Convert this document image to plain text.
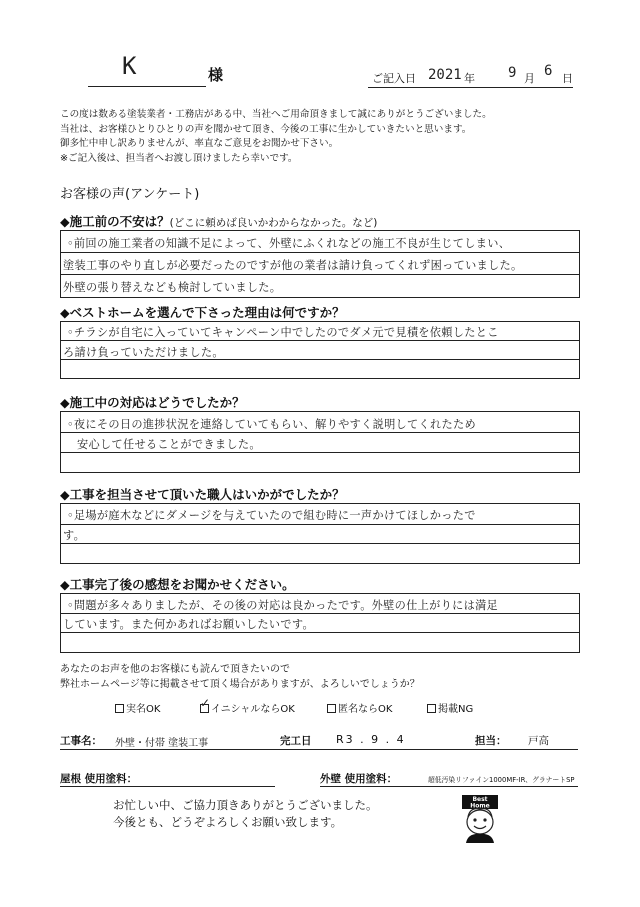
K	様	ご記入日 2021 年 9 月 6 日
この度は数ある塗装業者・工務店がある中、当社へご用命頂きまして誠にありがとうございました。
当社は、お客様ひとりひとりの声を聞かせて頂き、今後の工事に生かしていきたいと思います。
御多忙中申し訳ありませんが、率直なご意見をお聞かせ下さい。
※ご記入後は、担当者へお渡し頂けましたら幸いです。
お客様の声(アンケート)
◆施工前の不安は？(どこに頼めば良いかわからなかった。など)
◦前回の施工業者の知識不足によって、外壁にふくれなどの施工不良が生じてしまい、
塗装工事のやり直しが必要だったのですが他の業者は請け負ってくれず困っていました。
外壁の張り替えなども検討していました。
◆ベストホームを選んで下さった理由は何ですか？
◦チラシが自宅に入っていてキャンペーン中でしたのでダメ元で見積を依頼したとこ
ろ請け負っていただけました。
◆施工中の対応はどうでしたか？
◦夜にその日の進捗状況を連絡していてもらい、解りやすく説明してくれたため
安心して任せることができました。
◆工事を担当させて頂いた職人はいかがでしたか？
◦足場が庭木などにダメージを与えていたので組む時に一声かけてほしかったで
す。
◆工事完了後の感想をお聞かせください。
◦問題が多々ありましたが、その後の対応は良かったです。外壁の仕上がりには満足
しています。また何かあればお願いしたいです。
あなたのお声を他のお客様にも読んで頂きたいので
弊社ホームページ等に掲載させて頂く場合がありますが、よろしいでしょうか？
実名OK	✓ イニシャルならOK	匿名ならOK	掲載NG
工事名： 外壁・付帯 塗装工事	完工日 R3 . 9 . 4	担当： 戸高
屋根 使用塗料：	外壁 使用塗料：	超低汚染リファイン1000MF-IR、グラナートSP
お忙しい中、ご協力頂きありがとうございました。
今後とも、どうぞよろしくお願い致します。
Best
Home
